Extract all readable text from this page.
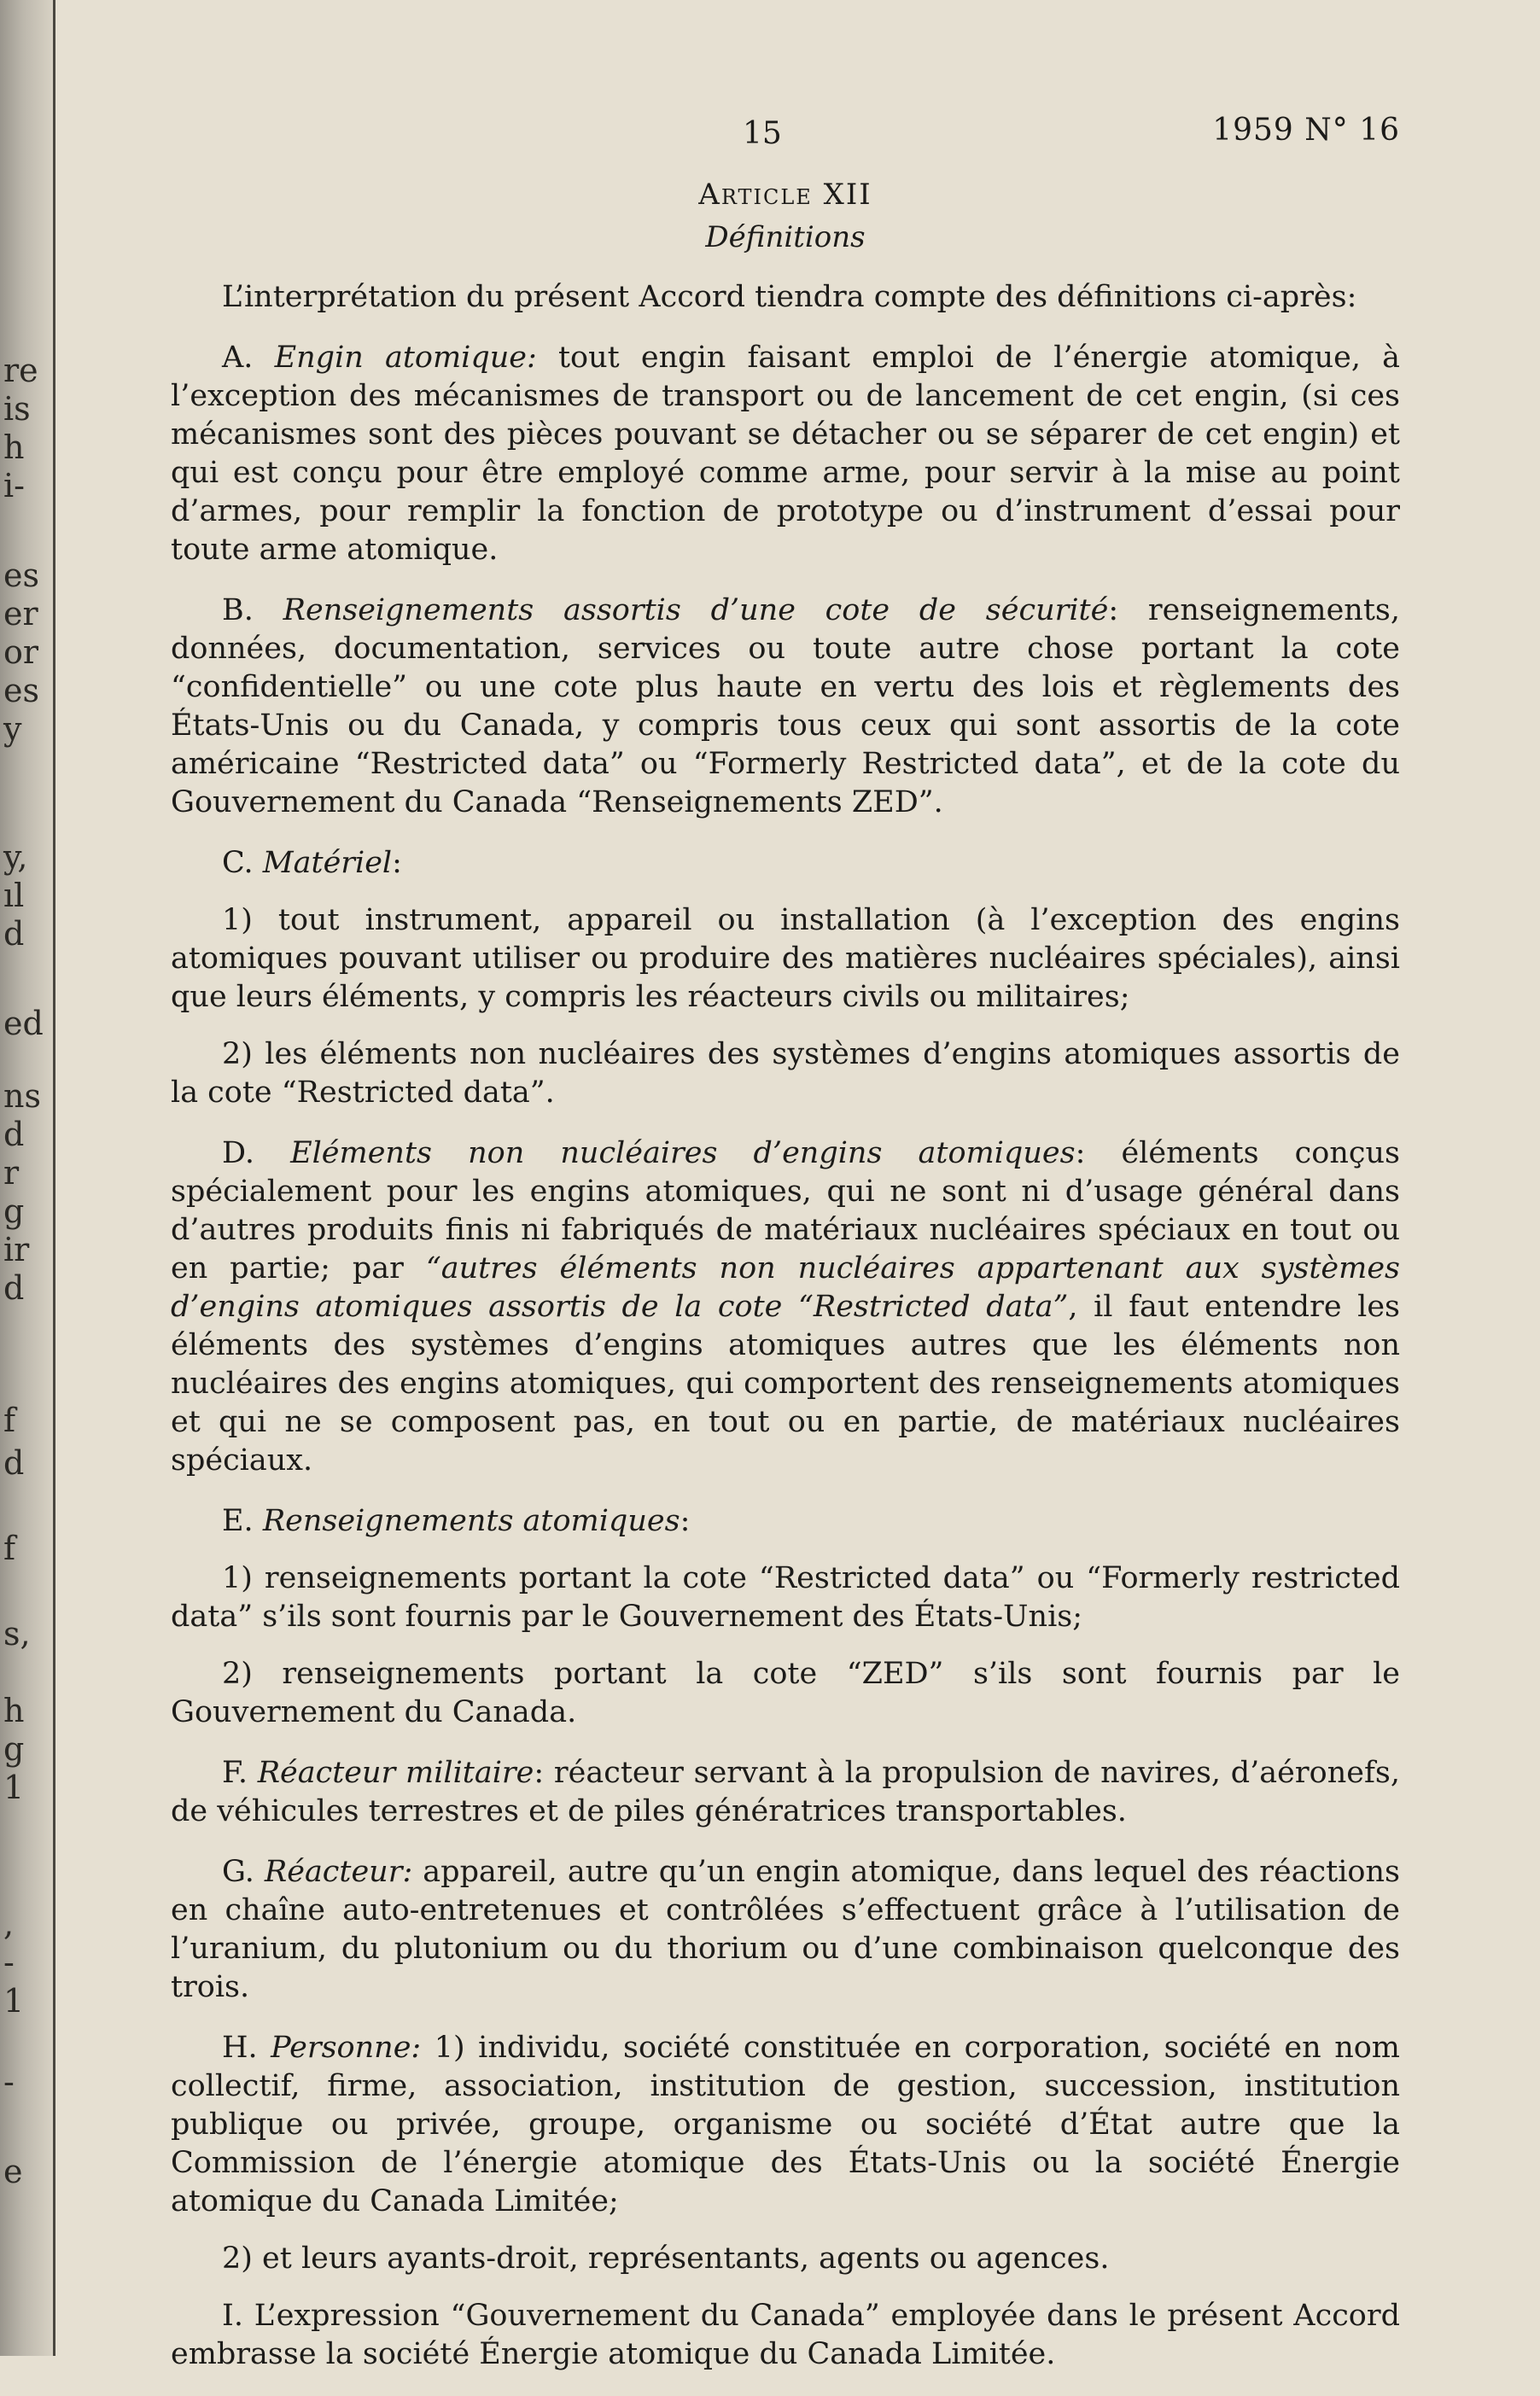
re
is
h
i-
es
er
or
es
y
y,
ıl
d
ed
ns
d
r
g
ir
d
f
d
f
s,
h
g
1
,
-
1
-
e
15	1959 N° 16
Article XII
Définitions

L’interprétation du présent Accord tiendra compte des définitions ci-après:

A. Engin atomique: tout engin faisant emploi de l’énergie atomique, à l’exception des mécanismes de transport ou de lancement de cet engin, (si ces mécanismes sont des pièces pouvant se détacher ou se séparer de cet engin) et qui est conçu pour être employé comme arme, pour servir à la mise au point d’armes, pour remplir la fonction de prototype ou d’instrument d’essai pour toute arme atomique.

B. Renseignements assortis d’une cote de sécurité: renseignements, données, documentation, services ou toute autre chose portant la cote “confidentielle” ou une cote plus haute en vertu des lois et règlements des États-Unis ou du Canada, y compris tous ceux qui sont assortis de la cote américaine “Restricted data” ou “Formerly Restricted data”, et de la cote du Gouvernement du Canada “Renseignements ZED”.

C. Matériel:

1) tout instrument, appareil ou installation (à l’exception des engins atomiques pouvant utiliser ou produire des matières nucléaires spéciales), ainsi que leurs éléments, y compris les réacteurs civils ou militaires;

2) les éléments non nucléaires des systèmes d’engins atomiques assortis de la cote “Restricted data”.

D. Eléments non nucléaires d’engins atomiques: éléments conçus spécialement pour les engins atomiques, qui ne sont ni d’usage général dans d’autres produits finis ni fabriqués de matériaux nucléaires spéciaux en tout ou en partie; par “autres éléments non nucléaires appartenant aux systèmes d’engins atomiques assortis de la cote “Restricted data”, il faut entendre les éléments des systèmes d’engins atomiques autres que les éléments non nucléaires des engins atomiques, qui comportent des renseignements atomiques et qui ne se composent pas, en tout ou en partie, de matériaux nucléaires spéciaux.

E. Renseignements atomiques:

1) renseignements portant la cote “Restricted data” ou “Formerly restricted data” s’ils sont fournis par le Gouvernement des États-Unis;

2) renseignements portant la cote “ZED” s’ils sont fournis par le Gouvernement du Canada.

F. Réacteur militaire: réacteur servant à la propulsion de navires, d’aéronefs, de véhicules terrestres et de piles génératrices transportables.

G. Réacteur: appareil, autre qu’un engin atomique, dans lequel des réactions en chaîne auto-entretenues et contrôlées s’effectuent grâce à l’utilisation de l’uranium, du plutonium ou du thorium ou d’une combinaison quelconque des trois.

H. Personne: 1) individu, société constituée en corporation, société en nom collectif, firme, association, institution de gestion, succession, institution publique ou privée, groupe, organisme ou société d’État autre que la Commission de l’énergie atomique des États-Unis ou la société Énergie atomique du Canada Limitée;

2) et leurs ayants-droit, représentants, agents ou agences.

I. L’expression “Gouvernement du Canada” employée dans le présent Accord embrasse la société Énergie atomique du Canada Limitée.
